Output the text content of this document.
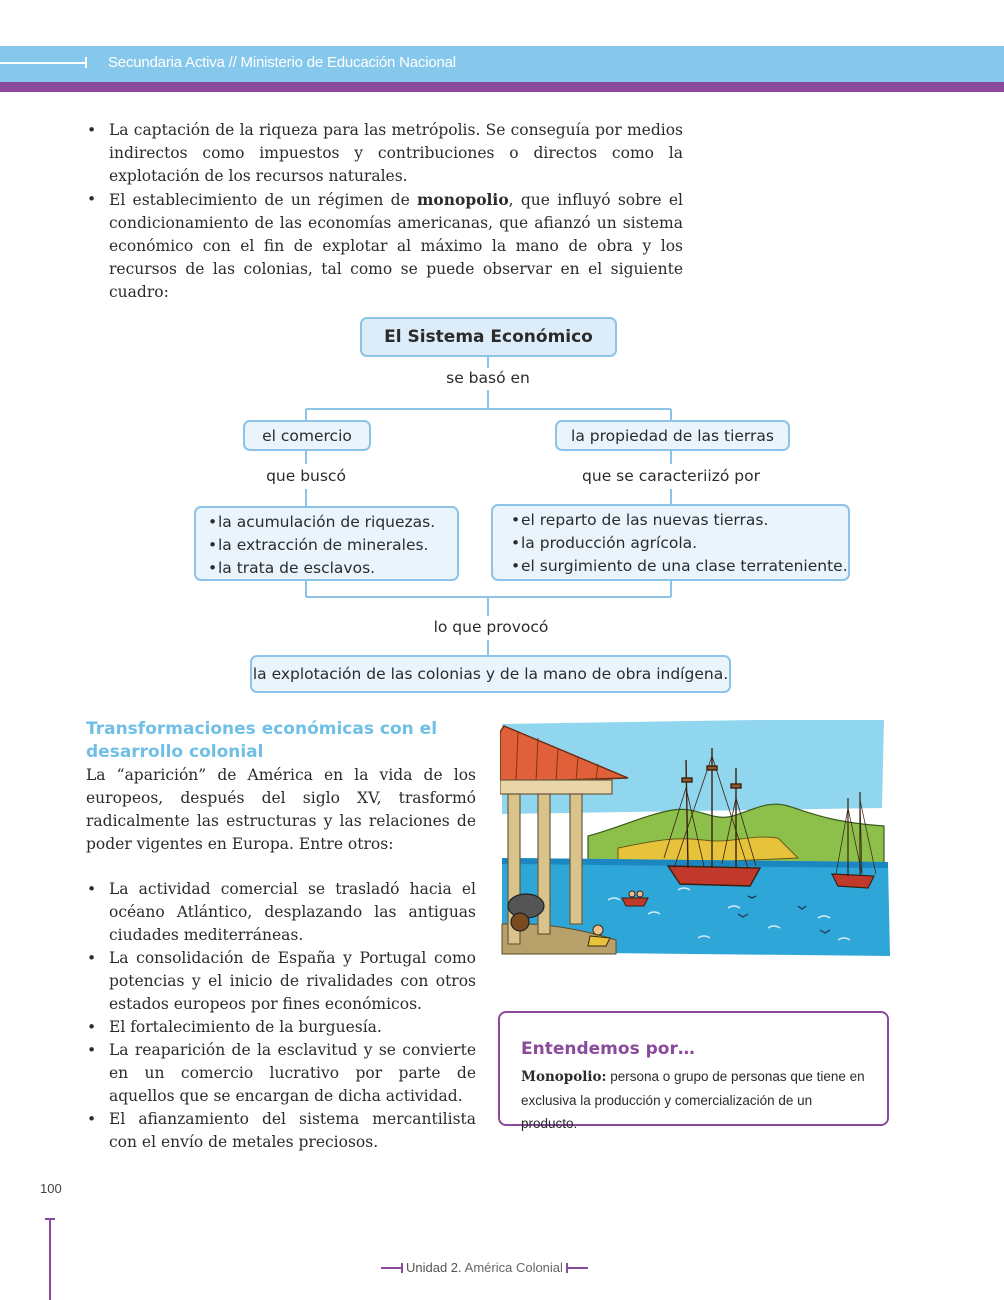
Secundaria Activa // Ministerio de Educación Nacional
• La captación de la riqueza para las metrópolis. Se conseguía por medios indirectos como impuestos y contribuciones o directos como la explotación de los recursos naturales.
• El establecimiento de un régimen de monopolio, que influyó sobre el condicionamiento de las economías americanas, que afianzó un sistema económico con el fin de explotar al máximo la mano de obra y los recursos de las colonias, tal como se puede observar en el siguiente cuadro:
El Sistema Económico
se basó en
el comercio	la propiedad de las tierras
que buscó	que se caracteriizó por
• la acumulación de riquezas.
• la extracción de minerales.
• la trata de esclavos.
• el reparto de las nuevas tierras.
• la producción agrícola.
• el surgimiento de una clase terrateniente.
lo que provocó
la explotación de las colonias y de la mano de obra indígena.
Transformaciones económicas con el desarrollo colonial
La “aparición” de América en la vida de los europeos, después del siglo XV, trasformó radicalmente las estructuras y las relaciones de poder vigentes en Europa. Entre otros:
• La actividad comercial se trasladó hacia el océano Atlántico, desplazando las antiguas ciudades mediterráneas.
• La consolidación de España y Portugal como potencias y el inicio de rivalidades con otros estados europeos por fines económicos.
• El fortalecimiento de la burguesía.
• La reaparición de la esclavitud y se convierte en un comercio lucrativo por parte de aquellos que se encargan de dicha actividad.
• El afianzamiento del sistema mercantilista con el envío de metales preciosos.
Entendemos por…
Monopolio: persona o grupo de personas que tiene en exclusiva la producción y comercialización de un producto.
100
Unidad 2. América Colonial
